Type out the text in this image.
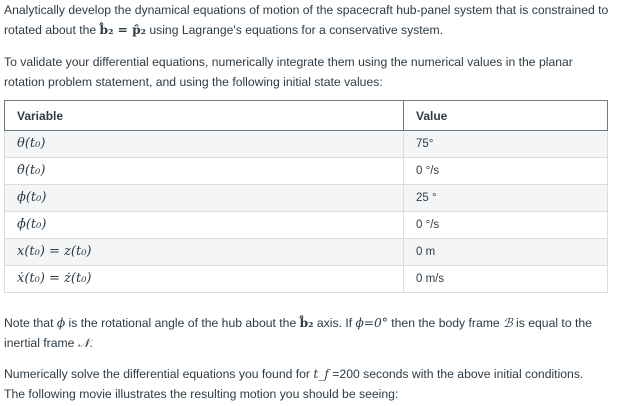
Analytically develop the dynamical equations of motion of the spacecraft hub-panel system that is constrained to rotated about the b̂₂ = p̂₂ using Lagrange's equations for a conservative system.

To validate your differential equations, numerically integrate them using the numerical values in the planar rotation problem statement, and using the following initial state values:

Variable	Value
θ(t₀)	75°
θ̇(t₀)	0 °/s
ϕ(t₀)	25 °
ϕ̇(t₀)	0 °/s
x(t₀) = z(t₀)	0 m
ẋ(t₀) = ż(t₀)	0 m/s

Note that ϕ is the rotational angle of the hub about the b̂₂ axis. If ϕ=0° then the body frame ℬ is equal to the inertial frame 𝒩.

Numerically solve the differential equations you found for t_f =200 seconds with the above initial conditions.
The following movie illustrates the resulting motion you should be seeing:
